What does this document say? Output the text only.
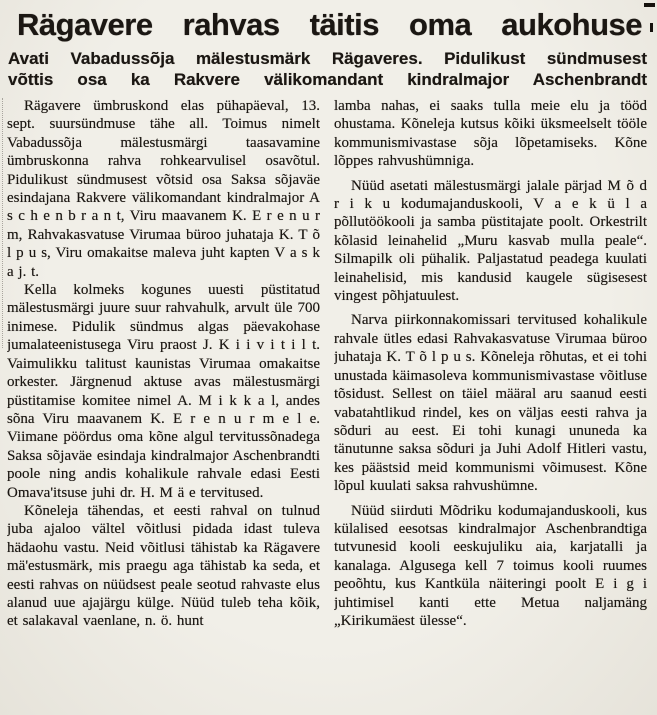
Rägavere rahvas täitis oma aukohuse
Avati Vabadussõja mälestusmärk Rägaveres. Pidulikust sündmusest
võttis osa ka Rakvere välikomandant kindralmajor Aschenbrandt

Rägavere ümbruskond elas pühapäeval, 13. sept. suursündmuse tähe all. Toimus nimelt Vabadussõja mälestusmärgi taasavamine ümbruskonna rahva rohkearvulisel osavõtul. Pidulikust sündmusest võtsid osa Saksa sõjaväe esindajana Rakvere välikomandant kindralmajor A s c h e n b r a n t, Viru maavanem K. E r e n u r m, Rahvakasvatuse Virumaa büroo juhataja K. T õ l p u s, Viru omakaitse maleva juht kapten V a s k a j. t.

Kella kolmeks kogunes uuesti püstitatud mälestusmärgi juure suur rahvahulk, arvult üle 700 inimese. Pidulik sündmus algas päevakohase jumalateenistusega Viru praost J. K i i v i t i l t. Vaimulikku talitust kaunistas Virumaa omakaitse orkester. Järgnenud aktuse avas mälestusmärgi püstitamise komitee nimel A. M i k k a l, andes sõna Viru maavanem K. E r e n u r m e l e. Viimane pöördus oma kõne algul tervitussõnadega Saksa sõjaväe esindaja kindralmajor Aschenbrandti poole ning andis kohalikule rahvale edasi Eesti Omava'itsuse juhi dr. H. M ä e tervitused.

Kõneleja tähendas, et eesti rahval on tulnud juba ajaloo vältel võitlusi pidada idast tuleva hädaohu vastu. Neid võitlusi tähistab ka Rägavere mä'estusmärk, mis praegu aga tähistab ka seda, et eesti rahvas on nüüdsest peale seotud rahvaste elus alanud uue ajajärgu külge. Nüüd tuleb teha kõik, et salakaval vaenlane, n. ö. hunt

lamba nahas, ei saaks tulla meie elu ja tööd ohustama. Kõneleja kutsus kõiki üksmeelselt tööle kommunismivastase sõja lõpetamiseks. Kõne lõppes rahvushümniga.

Nüüd asetati mälestusmärgi jalale pärjad M õ d r i k u kodumajanduskooli, V a e k ü l a põllutöökooli ja samba püstitajate poolt. Orkestrilt kõlasid leinahelid „Muru kasvab mulla peale“. Silmapilk oli pühalik. Paljastatud peadega kuulati leinahelisid, mis kandusid kaugele sügisesest vingest põhjatuulest.

Narva piirkonnakomissari tervitused kohalikule rahvale ütles edasi Rahvakasvatuse Virumaa büroo juhataja K. T õ l p u s. Kõneleja rõhutas, et ei tohi unustada käimasoleva kommunismivastase võitluse tõsidust. Sellest on täiel määral aru saanud eesti vabatahtlikud rindel, kes on väljas eesti rahva ja sõduri au eest. Ei tohi kunagi ununeda ka tänutunne saksa sõduri ja Juhi Adolf Hitleri vastu, kes päästsid meid kommunismi võimusest. Kõne lõpul kuulati saksa rahvushümne.

Nüüd siirduti Mõdriku kodumajanduskooli, kus külalised eesotsas kindralmajor Aschenbrandtiga tutvunesid kooli eeskujuliku aia, karjatalli ja kanalaga. Algusega kell 7 toimus kooli ruumes peoõhtu, kus Kantküla näiteringi poolt E i g i juhtimisel kanti ette Metua naljamäng „Kirikumäest ülesse“.
